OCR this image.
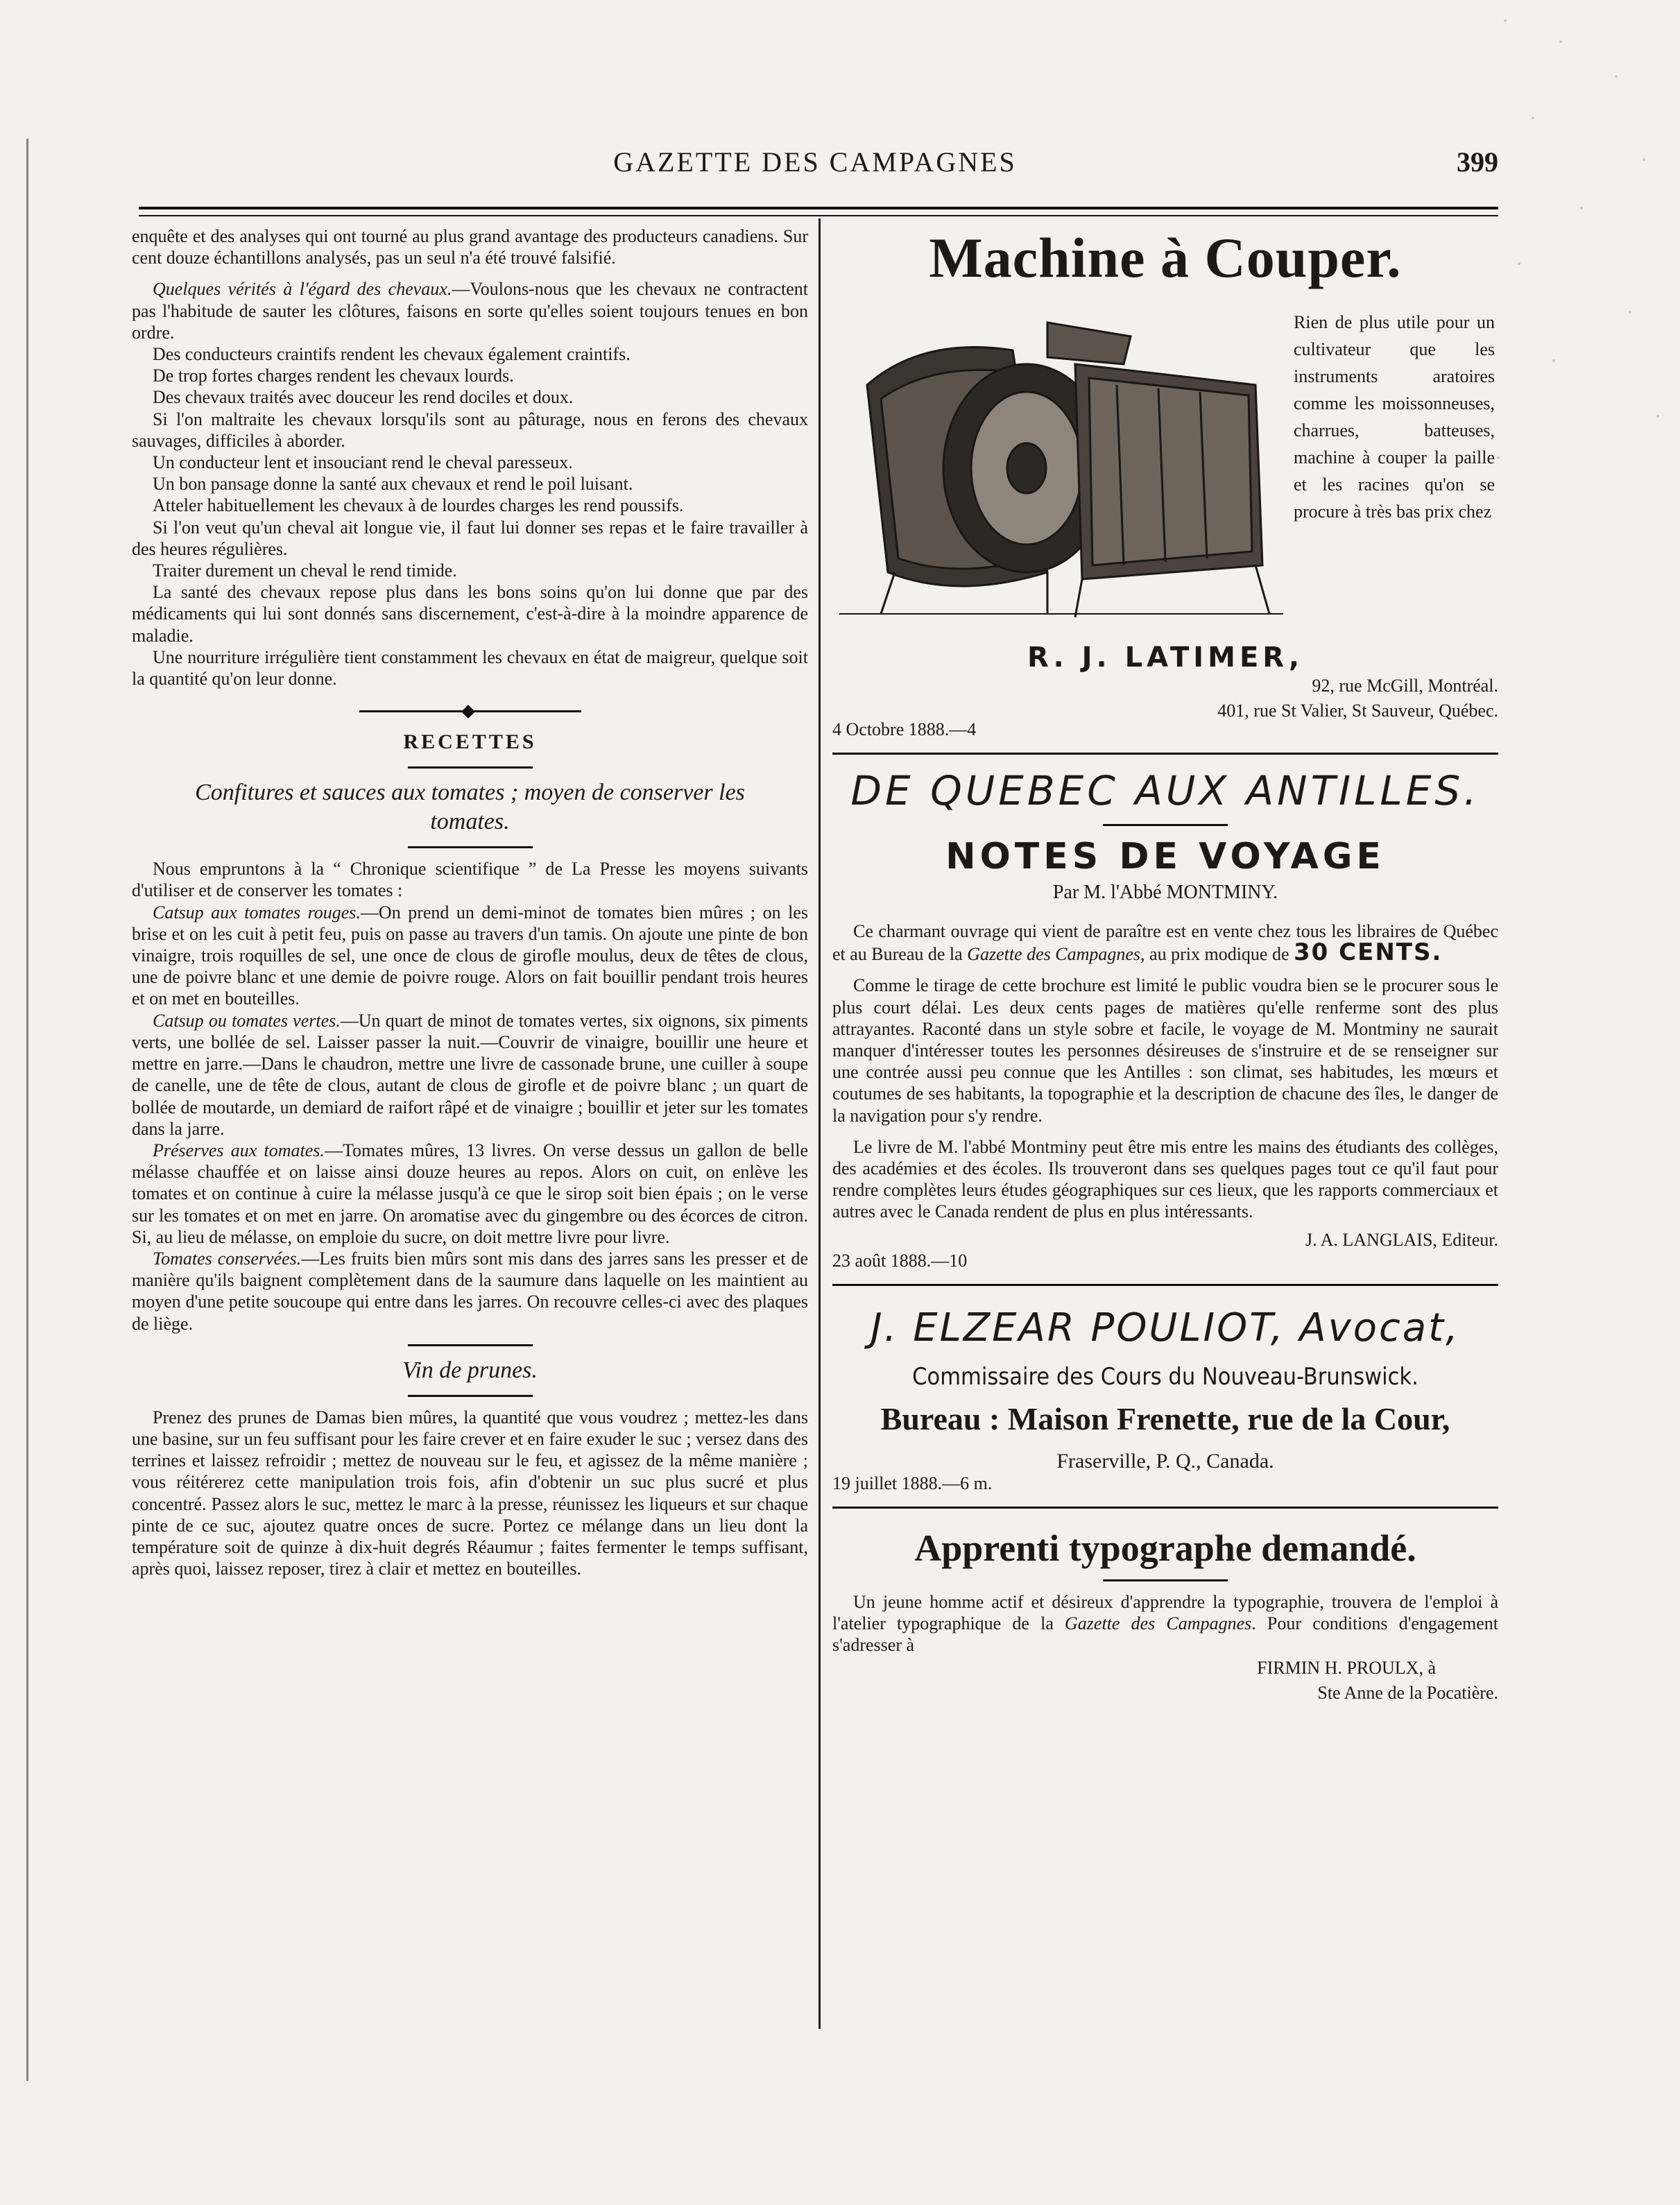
GAZETTE DES CAMPAGNES	399

enquête et des analyses qui ont tourné au plus grand avantage des producteurs canadiens. Sur cent douze échantillons analysés, pas un seul n'a été trouvé falsifié.

Quelques vérités à l'égard des chevaux.—Voulons-nous que les chevaux ne contractent pas l'habitude de sauter les clôtures, faisons en sorte qu'elles soient toujours tenues en bon ordre.

Des conducteurs craintifs rendent les chevaux également craintifs.

De trop fortes charges rendent les chevaux lourds.

Des chevaux traités avec douceur les rend dociles et doux.

Si l'on maltraite les chevaux lorsqu'ils sont au pâturage, nous en ferons des chevaux sauvages, difficiles à aborder.

Un conducteur lent et insouciant rend le cheval paresseux.

Un bon pansage donne la santé aux chevaux et rend le poil luisant.

Atteler habituellement les chevaux à de lourdes charges les rend poussifs.

Si l'on veut qu'un cheval ait longue vie, il faut lui donner ses repas et le faire travailler à des heures régulières.

Traiter durement un cheval le rend timide.

La santé des chevaux repose plus dans les bons soins qu'on lui donne que par des médicaments qui lui sont donnés sans discernement, c'est-à-dire à la moindre apparence de maladie.

Une nourriture irrégulière tient constamment les chevaux en état de maigreur, quelque soit la quantité qu'on leur donne.

RECETTES
Confitures et sauces aux tomates ; moyen de conserver les tomates.

Nous empruntons à la “ Chronique scientifique ” de La Presse les moyens suivants d'utiliser et de conserver les tomates :

Catsup aux tomates rouges.—On prend un demi-minot de tomates bien mûres ; on les brise et on les cuit à petit feu, puis on passe au travers d'un tamis. On ajoute une pinte de bon vinaigre, trois roquilles de sel, une once de clous de girofle moulus, deux de têtes de clous, une de poivre blanc et une demie de poivre rouge. Alors on fait bouillir pendant trois heures et on met en bouteilles.

Catsup ou tomates vertes.—Un quart de minot de tomates vertes, six oignons, six piments verts, une bollée de sel. Laisser passer la nuit.—Couvrir de vinaigre, bouillir une heure et mettre en jarre.—Dans le chaudron, mettre une livre de cassonade brune, une cuiller à soupe de canelle, une de tête de clous, autant de clous de girofle et de poivre blanc ; un quart de bollée de moutarde, un demiard de raifort râpé et de vinaigre ; bouillir et jeter sur les tomates dans la jarre.

Préserves aux tomates.—Tomates mûres, 13 livres. On verse dessus un gallon de belle mélasse chauffée et on laisse ainsi douze heures au repos. Alors on cuit, on enlève les tomates et on continue à cuire la mélasse jusqu'à ce que le sirop soit bien épais ; on le verse sur les tomates et on met en jarre. On aromatise avec du gingembre ou des écorces de citron. Si, au lieu de mélasse, on emploie du sucre, on doit mettre livre pour livre.

Tomates conservées.—Les fruits bien mûrs sont mis dans des jarres sans les presser et de manière qu'ils baignent complètement dans de la saumure dans laquelle on les maintient au moyen d'une petite soucoupe qui entre dans les jarres. On recouvre celles-ci avec des plaques de liège.

Vin de prunes.

Prenez des prunes de Damas bien mûres, la quantité que vous voudrez ; mettez-les dans une basine, sur un feu suffisant pour les faire crever et en faire exuder le suc ; versez dans des terrines et laissez refroidir ; mettez de nouveau sur le feu, et agissez de la même manière ; vous réitérerez cette manipulation trois fois, afin d'obtenir un suc plus sucré et plus concentré. Passez alors le suc, mettez le marc à la presse, réunissez les liqueurs et sur chaque pinte de ce suc, ajoutez quatre onces de sucre. Portez ce mélange dans un lieu dont la température soit de quinze à dix-huit degrés Réaumur ; faites fermenter le temps suffisant, après quoi, laissez reposer, tirez à clair et mettez en bouteilles.

Machine à Couper.
Rien de plus utile pour un cultivateur que les instruments aratoires comme les moissonneuses, charrues, batteuses, machine à couper la paille et les racines qu'on se procure à très bas prix chez
R. J. LATIMER,
92, rue McGill, Montréal.
401, rue St Valier, St Sauveur, Québec.
4 Octobre 1888.—4
DE QUEBEC AUX ANTILLES.
NOTES DE VOYAGE
Par M. l'Abbé MONTMINY.

Ce charmant ouvrage qui vient de paraître est en vente chez tous les libraires de Québec et au Bureau de la Gazette des Campagnes, au prix modique de 30 CENTS.

Comme le tirage de cette brochure est limité le public voudra bien se le procurer sous le plus court délai. Les deux cents pages de matières qu'elle renferme sont des plus attrayantes. Raconté dans un style sobre et facile, le voyage de M. Montminy ne saurait manquer d'intéresser toutes les personnes désireuses de s'instruire et de se renseigner sur une contrée aussi peu connue que les Antilles : son climat, ses habitudes, les mœurs et coutumes de ses habitants, la topographie et la description de chacune des îles, le danger de la navigation pour s'y rendre.

Le livre de M. l'abbé Montminy peut être mis entre les mains des étudiants des collèges, des académies et des écoles. Ils trouveront dans ses quelques pages tout ce qu'il faut pour rendre complètes leurs études géographiques sur ces lieux, que les rapports commerciaux et autres avec le Canada rendent de plus en plus intéressants.

J. A. LANGLAIS, Editeur.
23 août 1888.—10
J. ELZEAR POULIOT, Avocat,
Commissaire des Cours du Nouveau-Brunswick.
Bureau : Maison Frenette, rue de la Cour,
Fraserville, P. Q., Canada.
19 juillet 1888.—6 m.
Apprenti typographe demandé.

Un jeune homme actif et désireux d'apprendre la typographie, trouvera de l'emploi à l'atelier typographique de la Gazette des Campagnes. Pour conditions d'engagement s'adresser à

FIRMIN H. PROULX, à
Ste Anne de la Pocatière.
